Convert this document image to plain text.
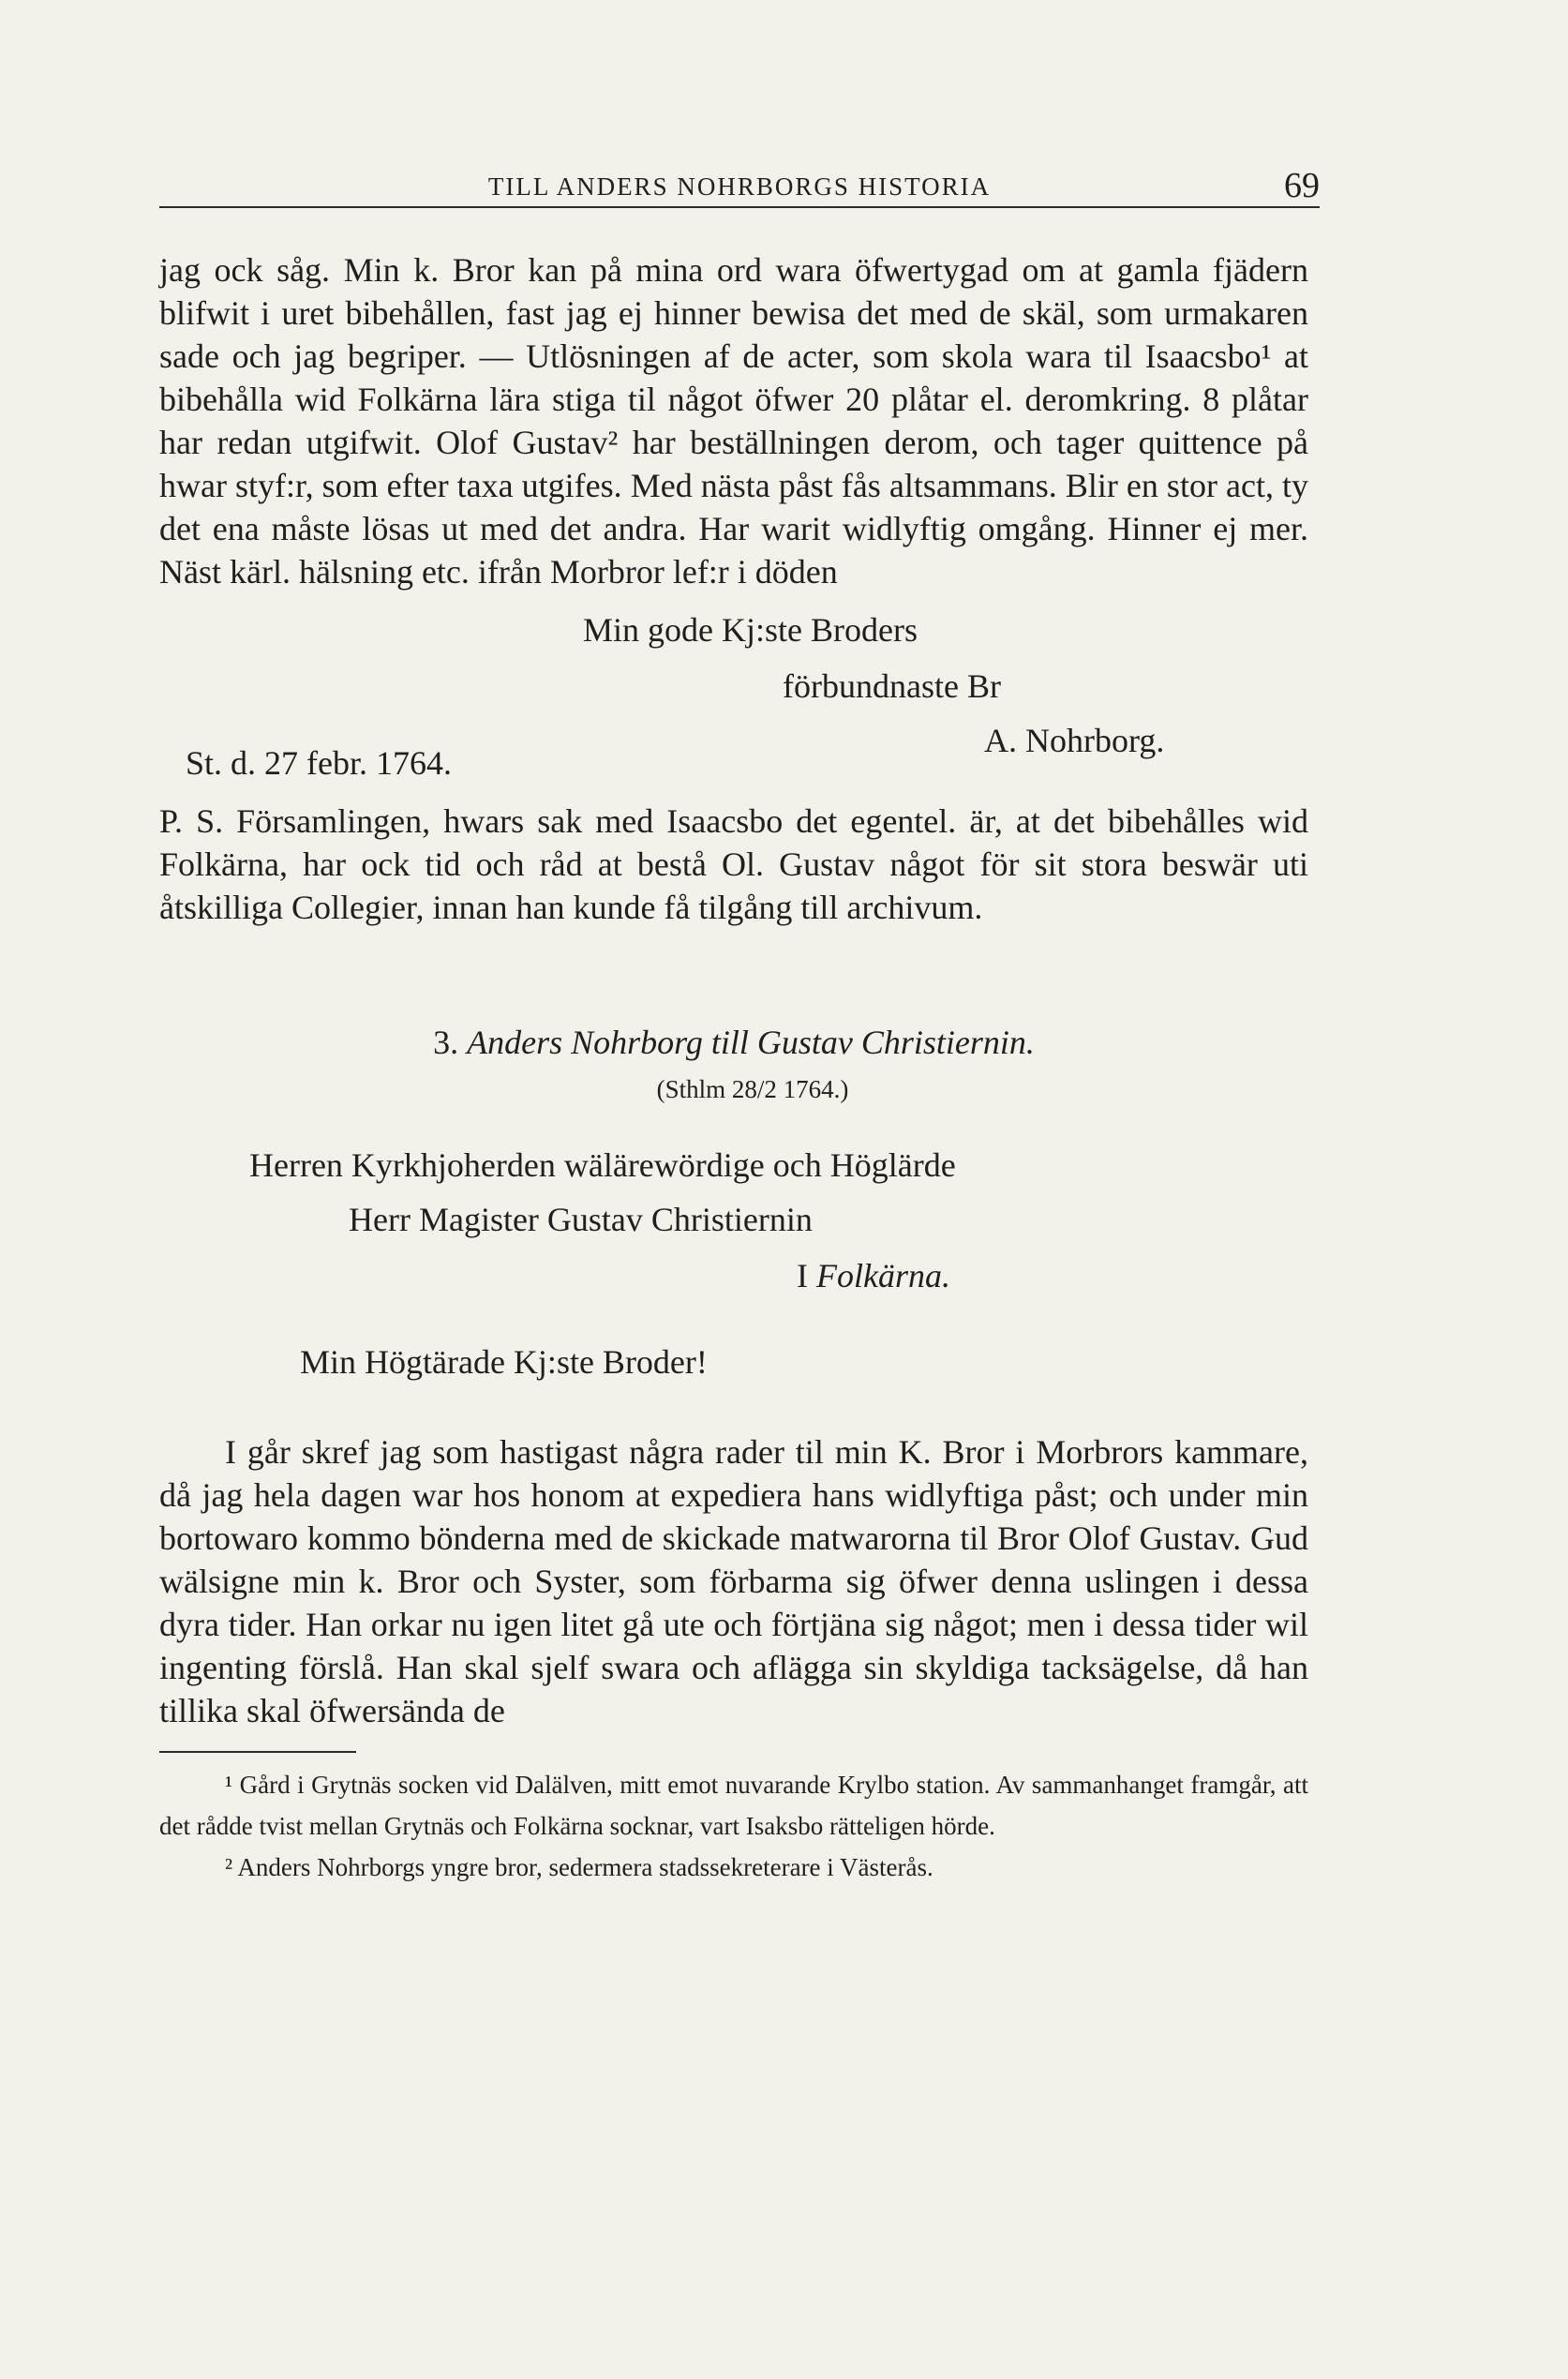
TILL ANDERS NOHRBORGS HISTORIA	69

jag ock såg. Min k. Bror kan på mina ord wara öfwertygad om at gamla fjädern blifwit i uret bibehållen, fast jag ej hinner bewisa det med de skäl, som urmakaren sade och jag begriper. — Utlösningen af de acter, som skola wara til Isaacsbo¹ at bibehålla wid Folkärna lära stiga til något öfwer 20 plåtar el. deromkring. 8 plåtar har redan utgifwit. Olof Gustav² har beställningen derom, och tager quittence på hwar styf:r, som efter taxa utgifes. Med nästa påst fås altsammans. Blir en stor act, ty det ena måste lösas ut med det andra. Har warit widlyftig omgång. Hinner ej mer. Näst kärl. hälsning etc. ifrån Morbror lef:r i döden

Min gode Kj:ste Broders
förbundnaste Br
A. Nohrborg.
St. d. 27 febr. 1764.

P. S. Församlingen, hwars sak med Isaacsbo det egentel. är, at det bibehålles wid Folkärna, har ock tid och råd at bestå Ol. Gustav något för sit stora beswär uti åtskilliga Collegier, innan han kunde få tilgång till archivum.

3. Anders Nohrborg till Gustav Christiernin.
(Sthlm 28/2 1764.)
Herren Kyrkhjoherden wälärewördige och Höglärde
Herr Magister Gustav Christiernin
I Folkärna.
Min Högtärade Kj:ste Broder!

I går skref jag som hastigast några rader til min K. Bror i Morbrors kammare, då jag hela dagen war hos honom at expediera hans widlyftiga påst; och under min bortowaro kommo bönderna med de skickade matwarorna til Bror Olof Gustav. Gud wälsigne min k. Bror och Syster, som förbarma sig öfwer denna uslingen i dessa dyra tider. Han orkar nu igen litet gå ute och förtjäna sig något; men i dessa tider wil ingenting förslå. Han skal sjelf swara och aflägga sin skyldiga tacksägelse, då han tillika skal öfwersända de

¹ Gård i Grytnäs socken vid Dalälven, mitt emot nuvarande Krylbo station. Av sammanhanget framgår, att det rådde tvist mellan Grytnäs och Folkärna socknar, vart Isaksbo rätteligen hörde.

² Anders Nohrborgs yngre bror, sedermera stadssekreterare i Västerås.
